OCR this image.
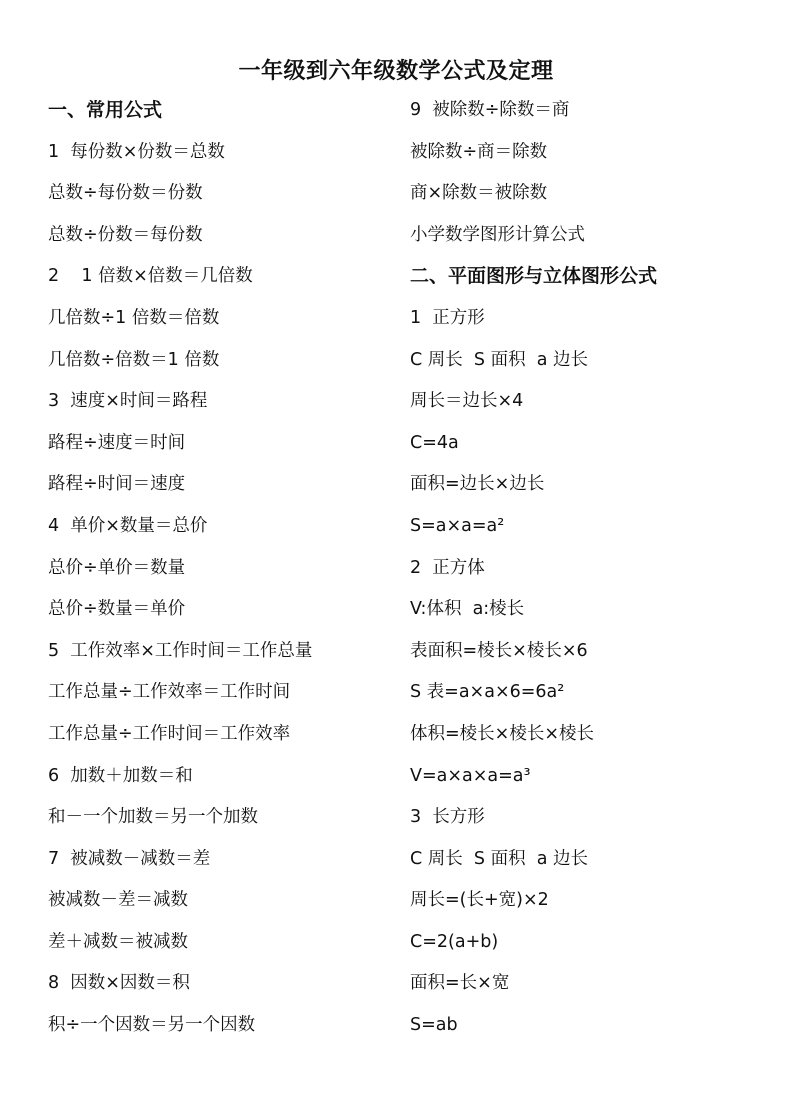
一年级到六年级数学公式及定理
一、常用公式
1  每份数×份数＝总数
总数÷每份数＝份数
总数÷份数＝每份数
2    1 倍数×倍数＝几倍数
几倍数÷1 倍数＝倍数
几倍数÷倍数＝1 倍数
3  速度×时间＝路程
路程÷速度＝时间
路程÷时间＝速度
4  单价×数量＝总价
总价÷单价＝数量
总价÷数量＝单价
5  工作效率×工作时间＝工作总量
工作总量÷工作效率＝工作时间
工作总量÷工作时间＝工作效率
6  加数＋加数＝和
和－一个加数＝另一个加数
7  被减数－减数＝差
被减数－差＝减数
差＋减数＝被减数
8  因数×因数＝积
积÷一个因数＝另一个因数
9  被除数÷除数＝商
被除数÷商＝除数
商×除数＝被除数
小学数学图形计算公式
二、平面图形与立体图形公式
1  正方形
C 周长  S 面积  a 边长
周长＝边长×4
C=4a
面积=边长×边长
S=a×a=a²
2  正方体
V:体积  a:棱长
表面积=棱长×棱长×6
S 表=a×a×6=6a²
体积=棱长×棱长×棱长
V=a×a×a=a³
3  长方形
C 周长  S 面积  a 边长
周长=(长+宽)×2
C=2(a+b)
面积=长×宽
S=ab
